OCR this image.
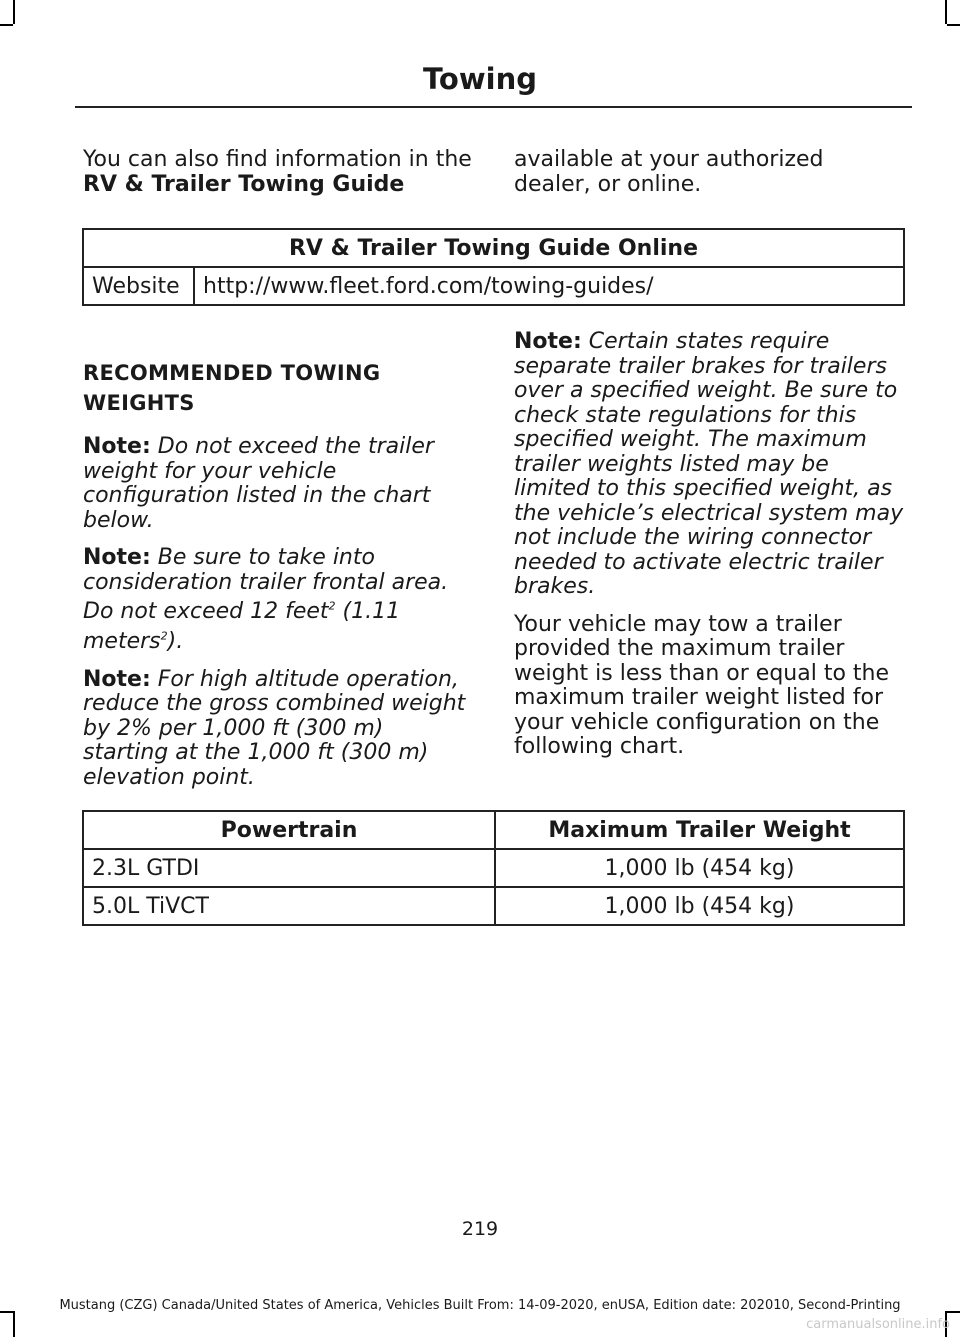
Towing

You can also find information in the RV & Trailer Towing Guide

available at your authorized dealer, or online.

RV & Trailer Towing Guide Online
Website	http://www.fleet.ford.com/towing-guides/
RECOMMENDED TOWING
WEIGHTS

Note: Do not exceed the trailer weight for your vehicle configuration listed in the chart below.

Note: Be sure to take into consideration trailer frontal area. Do not exceed 12 feet$^2$ (1.11 meters$^2$).

Note: For high altitude operation, reduce the gross combined weight by 2% per 1,000 ft (300 m) starting at the 1,000 ft (300 m) elevation point.

Note: Certain states require separate trailer brakes for trailers over a specified weight. Be sure to check state regulations for this specified weight. The maximum trailer weights listed may be limited to this specified weight, as the vehicle’s electrical system may not include the wiring connector needed to activate electric trailer brakes.

Your vehicle may tow a trailer provided the maximum trailer weight is less than or equal to the maximum trailer weight listed for your vehicle configuration on the following chart.

Powertrain	Maximum Trailer Weight
2.3L GTDI	1,000 lb (454 kg)
5.0L TiVCT	1,000 lb (454 kg)
219
Mustang (CZG) Canada/United States of America, Vehicles Built From: 14-09-2020, enUSA, Edition date: 202010, Second-Printing
carmanualsonline.info
